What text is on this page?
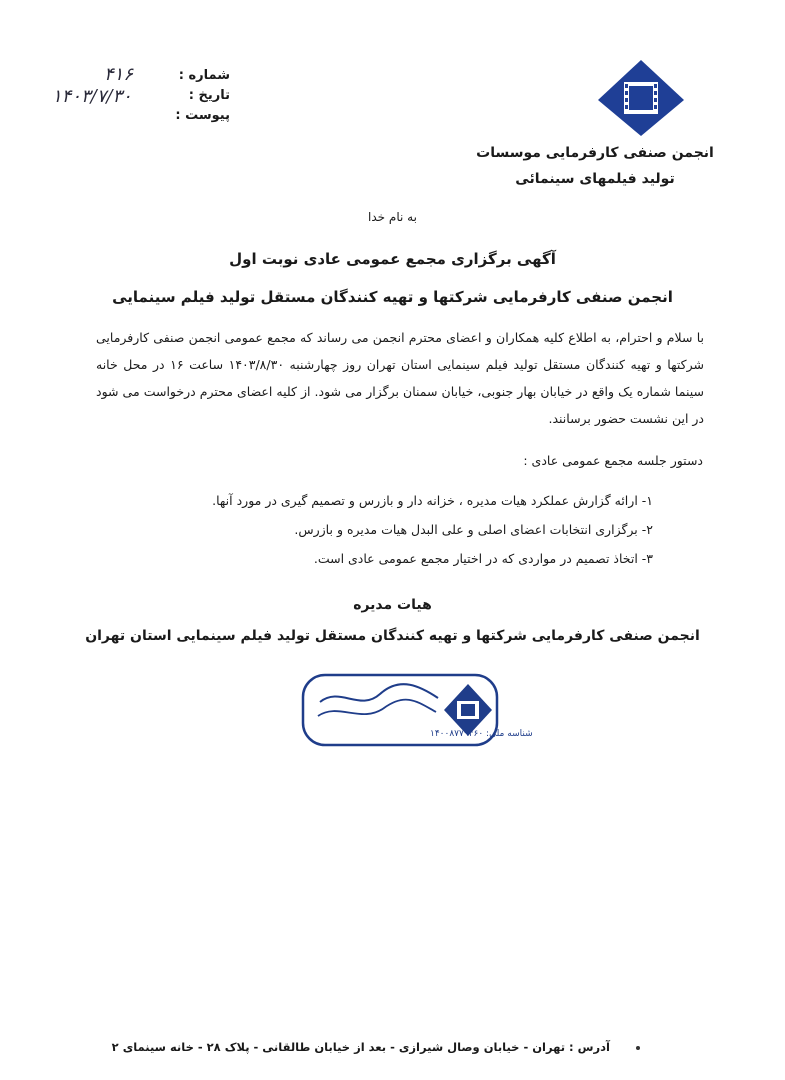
شماره :
تاریخ :
پیوست :
۴۱۶
۱۴۰۳/۷/۳۰
انجمن صنفی کارفرمایی موسسات
تولید فیلمهای سینمائی
به نام خدا
آگهی برگزاری مجمع عمومی عادی نوبت اول
انجمن صنفی کارفرمایی شرکتها و تهیه کنندگان مستقل تولید فیلم سینمایی
با سلام و احترام، به اطلاع کلیه همکاران و اعضای محترم انجمن می رساند که مجمع عمومی انجمن صنفی کارفرمایی شرکتها و تهیه کنندگان مستقل تولید فیلم سینمایی استان تهران روز چهارشنبه ۱۴۰۳/۸/۳۰ ساعت ۱۶ در محل خانه سینما شماره یک واقع در خیابان بهار جنوبی، خیابان سمنان برگزار می شود. از کلیه اعضای محترم درخواست می شود در این نشست حضور برسانند.
دستور جلسه مجمع عمومی عادی :
۱- ارائه گزارش عملکرد هیات مدیره ، خزانه دار و بازرس و تصمیم گیری در مورد آنها.
۲- برگزاری انتخابات اعضای اصلی و علی البدل هیات مدیره و بازرس.
۳- اتخاذ تصمیم در مواردی که در اختیار مجمع عمومی عادی است.
هیات مدیره
انجمن صنفی کارفرمایی شرکتها و تهیه کنندگان مستقل تولید فیلم سینمایی استان تهران
شناسه ملی: ۱۴۰۰۸۷۷۹۴۶۰
آدرس : تهران - خیابان وصال شیرازی - بعد از خیابان طالقانی - پلاک ۲۸ - خانه سینمای ۲
